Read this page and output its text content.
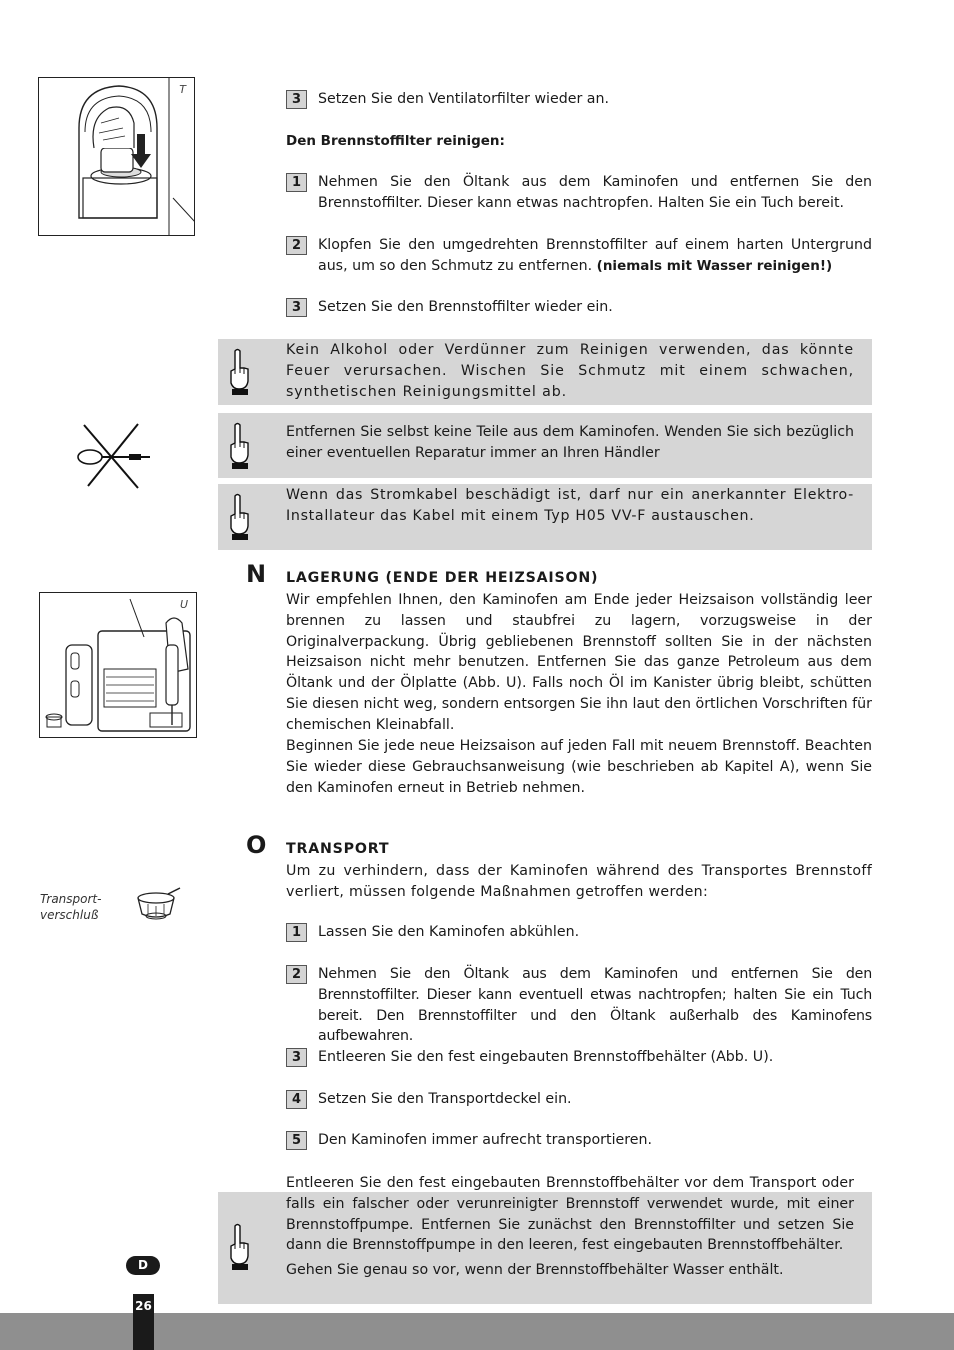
T
U
Transport-
verschluß
3	Setzen Sie den Ventilatorfilter wieder an.
Den Brennstoffilter reinigen:
1	Nehmen Sie den Öltank aus dem Kaminofen und entfernen Sie den Brennstoffilter. Dieser kann etwas nachtropfen. Halten Sie ein Tuch bereit.
2	Klopfen Sie den umgedrehten Brennstoffilter auf einem harten Untergrund aus, um so den Schmutz zu entfernen. (niemals mit Wasser reinigen!)
3	Setzen Sie den Brennstoffilter wieder ein.
Kein Alkohol oder Verdünner zum Reinigen verwenden, das könnte Feuer verursachen. Wischen Sie Schmutz mit einem schwachen, synthetischen Reinigungsmittel ab.
Entfernen Sie selbst keine Teile aus dem Kaminofen. Wenden Sie sich bezüglich einer eventuellen Reparatur immer an Ihren Händler
Wenn das Stromkabel beschädigt ist, darf nur ein anerkannter Elektro-Installateur das Kabel mit einem Typ H05 VV-F austauschen.
N LAGERUNG (ENDE DER HEIZSAISON)
Wir empfehlen Ihnen, den Kaminofen am Ende jeder Heizsaison vollständig leer brennen zu lassen und staubfrei zu lagern, vorzugsweise in der Originalverpackung. Übrig gebliebenen Brennstoff sollten Sie in der nächsten Heizsaison nicht mehr benutzen. Entfernen Sie das ganze Petroleum aus dem Öltank und der Ölplatte (Abb. U). Falls noch Öl im Kanister übrig bleibt, schütten Sie diesen nicht weg, sondern entsorgen Sie ihn laut den örtlichen Vorschriften für chemischen Kleinabfall.
Beginnen Sie jede neue Heizsaison auf jeden Fall mit neuem Brennstoff. Beachten Sie wieder diese Gebrauchsanweisung (wie beschrieben ab Kapitel A), wenn Sie den Kaminofen erneut in Betrieb nehmen.
O TRANSPORT
Um zu verhindern, dass der Kaminofen während des Transportes Brennstoff verliert, müssen folgende Maßnahmen getroffen werden:
1	Lassen Sie den Kaminofen abkühlen.
2	Nehmen Sie den Öltank aus dem Kaminofen und entfernen Sie den Brennstoffilter. Dieser kann eventuell etwas nachtropfen; halten Sie ein Tuch bereit. Den Brennstoffilter und den Öltank außerhalb des Kaminofens aufbewahren.
3	Entleeren Sie den fest eingebauten Brennstoffbehälter (Abb. U).
4	Setzen Sie den Transportdeckel ein.
5	Den Kaminofen immer aufrecht transportieren.
Entleeren Sie den fest eingebauten Brennstoffbehälter vor dem Transport oder falls ein falscher oder verunreinigter Brennstoff verwendet wurde, mit einer Brennstoffpumpe. Entfernen Sie zunächst den Brennstoffilter und setzen Sie dann die Brennstoffpumpe in den leeren, fest eingebauten Brennstoffbehälter.
Gehen Sie genau so vor, wenn der Brennstoffbehälter Wasser enthält.
D
26
